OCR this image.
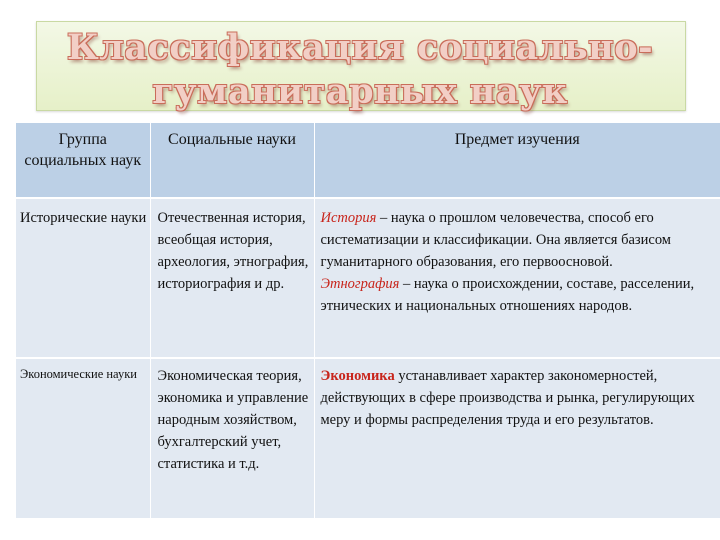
Классификация социально-
гуманитарных наук
Группа социальных наук	Социальные науки	Предмет изучения
Исторические науки	Отечественная история, всеобщая история, археология, этнография, историография и др.	История – наука о прошлом человечества, способ его систематизации и классификации. Она является базисом гуманитарного образования, его первоосновой.
Этнография – наука о происхождении, составе, расселении, этнических и национальных отношениях народов.
Экономические науки	Экономическая теория, экономика и управление народным хозяйством, бухгалтерский учет, статистика и т.д.	Экономика устанавливает характер закономерностей, действующих в сфере производства и рынка, регулирующих меру и формы распределения труда и его результатов.
